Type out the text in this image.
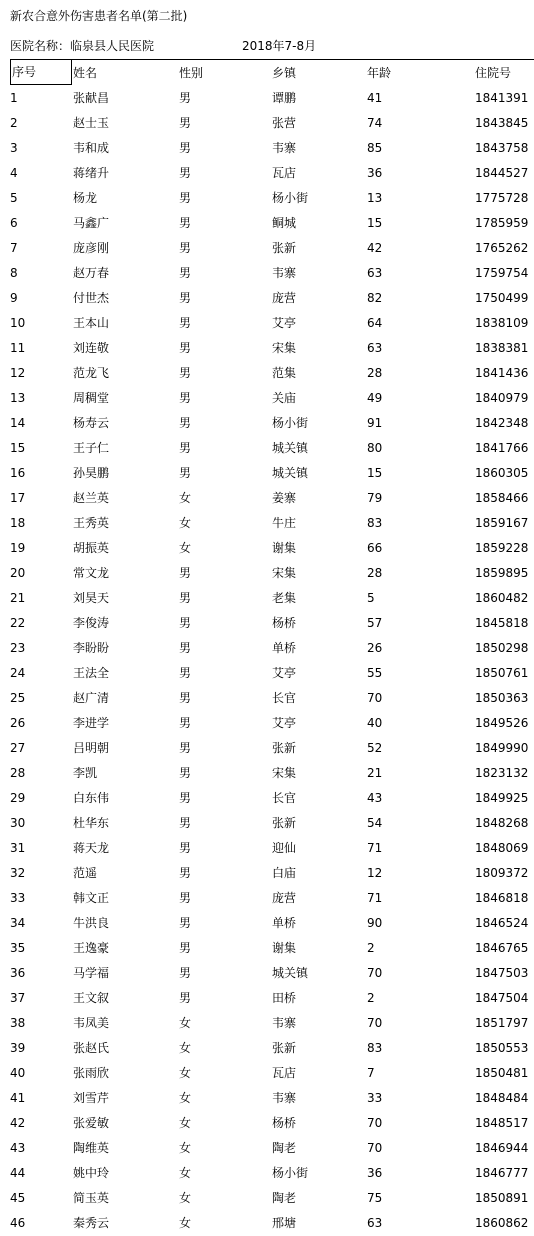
新农合意外伤害患者名单(第二批)
医院名称：临泉县人民医院	2018年7-8月
序号	姓名	性别	乡镇	年龄	住院号
1	张献昌	男	谭鹏	41	1841391
2	赵士玉	男	张营	74	1843845
3	韦和成	男	韦寨	85	1843758
4	蒋绪升	男	瓦店	36	1844527
5	杨龙	男	杨小街	13	1775728
6	马鑫广	男	鲖城	15	1785959
7	庞彦刚	男	张新	42	1765262
8	赵万春	男	韦寨	63	1759754
9	付世杰	男	庞营	82	1750499
10	王本山	男	艾亭	64	1838109
11	刘连敬	男	宋集	63	1838381
12	范龙飞	男	范集	28	1841436
13	周稠堂	男	关庙	49	1840979
14	杨寿云	男	杨小街	91	1842348
15	王子仁	男	城关镇	80	1841766
16	孙昊鹏	男	城关镇	15	1860305
17	赵兰英	女	姜寨	79	1858466
18	王秀英	女	牛庄	83	1859167
19	胡振英	女	谢集	66	1859228
20	常文龙	男	宋集	28	1859895
21	刘昊天	男	老集	5	1860482
22	李俊涛	男	杨桥	57	1845818
23	李盼盼	男	单桥	26	1850298
24	王法全	男	艾亭	55	1850761
25	赵广清	男	长官	70	1850363
26	李进学	男	艾亭	40	1849526
27	吕明朝	男	张新	52	1849990
28	李凯	男	宋集	21	1823132
29	白东伟	男	长官	43	1849925
30	杜华东	男	张新	54	1848268
31	蒋天龙	男	迎仙	71	1848069
32	范遥	男	白庙	12	1809372
33	韩文正	男	庞营	71	1846818
34	牛洪良	男	单桥	90	1846524
35	王逸豪	男	谢集	2	1846765
36	马学福	男	城关镇	70	1847503
37	王文叙	男	田桥	2	1847504
38	韦凤美	女	韦寨	70	1851797
39	张赵氏	女	张新	83	1850553
40	张雨欣	女	瓦店	7	1850481
41	刘雪芹	女	韦寨	33	1848484
42	张爱敏	女	杨桥	70	1848517
43	陶维英	女	陶老	70	1846944
44	姚中玲	女	杨小街	36	1846777
45	简玉英	女	陶老	75	1850891
46	秦秀云	女	邢塘	63	1860862
